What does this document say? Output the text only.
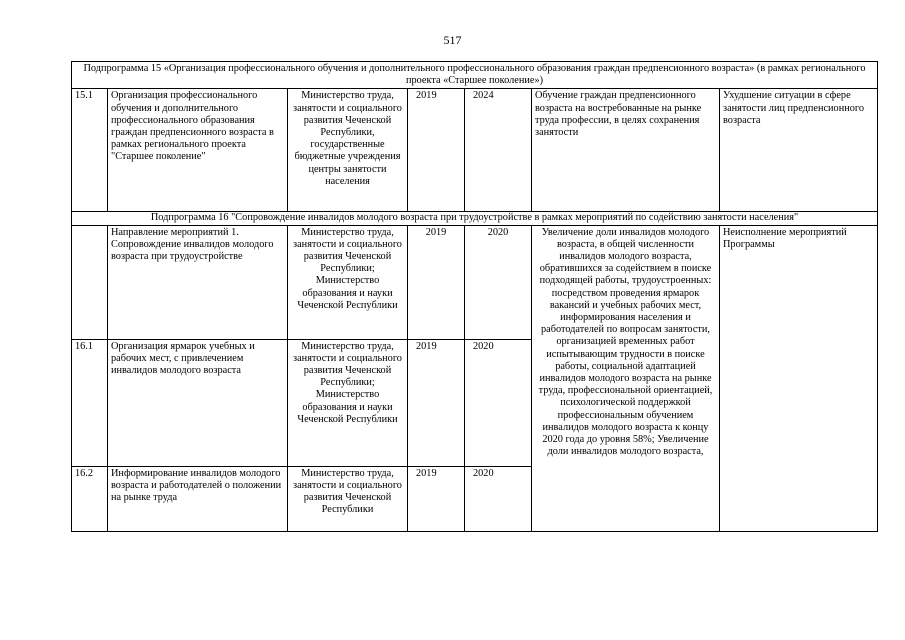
517
Подпрограмма 15 «Организация профессионального обучения и дополнительного профессионального образования граждан предпенсионного возраста» (в рамках регионального проекта «Старшее поколение»)						
15.1	Организация профессионального обучения и дополнительного профессионального образования граждан предпенсионного возраста в рамках регионального проекта "Старшее поколение"	Министерство труда, занятости и социального развития Чеченской Республики, государственные бюджетные учреждения центры занятости населения	2019	2024	Обучение граждан предпенсионного возраста на востребованные на рынке труда профессии, в целях сохранения занятости	Ухудшение ситуации в сфере занятости лиц предпенсионного возраста
Подпрограмма 16 "Сопровождение инвалидов молодого возраста при трудоустройстве в рамках мероприятий по содействию занятости населения"						
	Направление мероприятий 1. Сопровождение инвалидов молодого возраста при трудоустройстве	Министерство труда, занятости и социального развития Чеченской Республики; Министерство образования и науки Чеченской Республики	2019	2020	Увеличение доли инвалидов молодого возраста, в общей численности инвалидов молодого возраста, обратившихся за содействием в поиске подходящей работы, трудоустроенных: посредством проведения ярмарок вакансий и учебных рабочих мест, информирования населения и работодателей по вопросам занятости, организацией временных работ испытывающим трудности в поиске работы, социальной адаптацией инвалидов молодого возраста на рынке труда, профессиональной ориентацией, психологической поддержкой профессиональным обучением инвалидов молодого возраста к концу 2020 года до уровня 58%; Увеличение доли инвалидов молодого возраста,	Неисполнение мероприятий Программы
16.1	Организация ярмарок учебных и рабочих мест, с привлечением инвалидов молодого возраста	Министерство труда, занятости и социального развития Чеченской Республики; Министерство образования и науки Чеченской Республики	2019	2020		
16.2	Информирование инвалидов молодого возраста и работодателей о положении на рынке труда	Министерство труда, занятости и социального развития Чеченской Республики	2019	2020		
